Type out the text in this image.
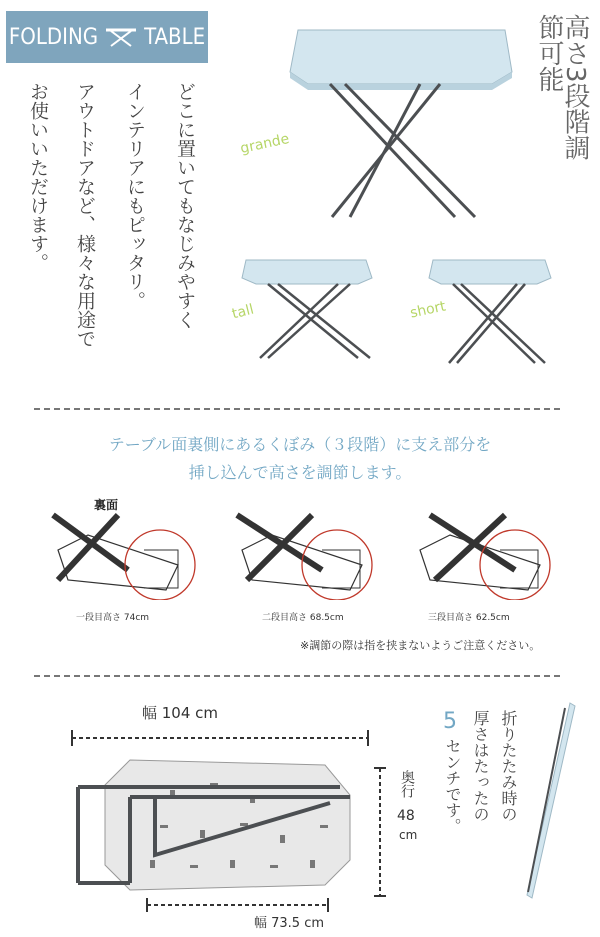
FOLDING TABLE	高さ3段階調節可能
どこに置いてもなじみやすく
インテリアにもピッタリ。
アウトドアなど、様々な用途で
お使いいただけます。	grande
tall	short
テーブル面裏側にあるくぼみ（３段階）に支え部分を
挿し込んで高さを調節します。
裏面
一段目高さ 74cm	二段目高さ 68.5cm	三段目高さ 62.5cm
※調節の際は指を挟まないようご注意ください。
幅 104 cm
奥行
48
cm
幅 73.5 cm
5	折りたたみ時の
厚さはたったの
センチです。
